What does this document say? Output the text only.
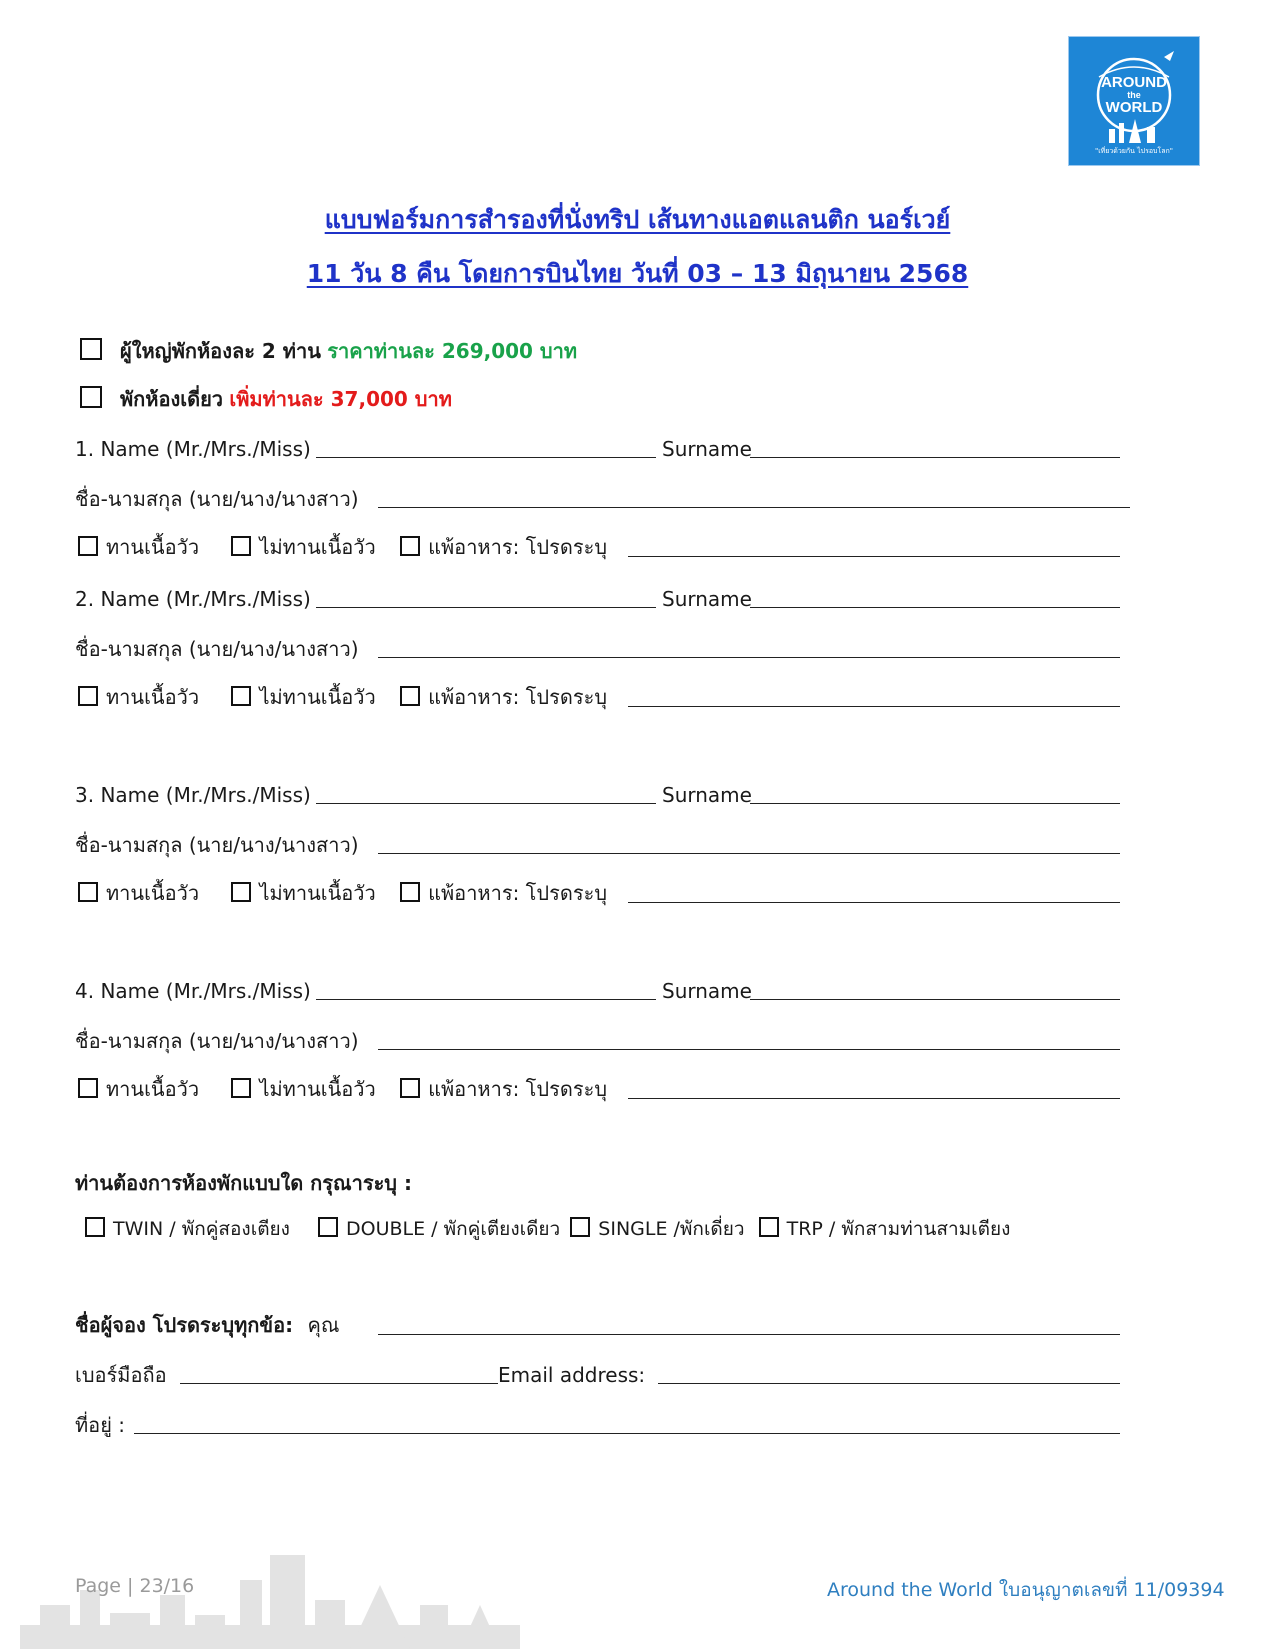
AROUND
the
WORLD
"เที่ยวด้วยกัน ไปรอบโลก"
แบบฟอร์มการสำรองที่นั่งทริป เส้นทางแอตแลนติก นอร์เวย์
11 วัน 8 คืน โดยการบินไทย วันที่ 03 – 13 มิถุนายน 2568
ผู้ใหญ่พักห้องละ 2 ท่าน ราคาท่านละ 269,000 บาท
พักห้องเดี่ยว เพิ่มท่านละ 37,000 บาท
1. Name (Mr./Mrs./Miss)	Surname
ชื่อ-นามสกุล (นาย/นาง/นางสาว)
ทานเนื้อวัว	ไม่ทานเนื้อวัว	แพ้อาหาร: โปรดระบุ
2. Name (Mr./Mrs./Miss)	Surname
ชื่อ-นามสกุล (นาย/นาง/นางสาว)
ทานเนื้อวัว	ไม่ทานเนื้อวัว	แพ้อาหาร: โปรดระบุ
3. Name (Mr./Mrs./Miss)	Surname
ชื่อ-นามสกุล (นาย/นาง/นางสาว)
ทานเนื้อวัว	ไม่ทานเนื้อวัว	แพ้อาหาร: โปรดระบุ
4. Name (Mr./Mrs./Miss)	Surname
ชื่อ-นามสกุล (นาย/นาง/นางสาว)
ทานเนื้อวัว	ไม่ทานเนื้อวัว	แพ้อาหาร: โปรดระบุ
ท่านต้องการห้องพักแบบใด กรุณาระบุ :
TWIN / พักคู่สองเตียง	DOUBLE / พักคู่เตียงเดียว SINGLE /พักเดี่ยว TRP / พักสามท่านสามเตียง
ชื่อผู้จอง โปรดระบุทุกข้อ: คุณ
เบอร์มือถือ	Email address:
ที่อยู่ :
Page | 23/16	Around the World ใบอนุญาตเลขที่ 11/09394
